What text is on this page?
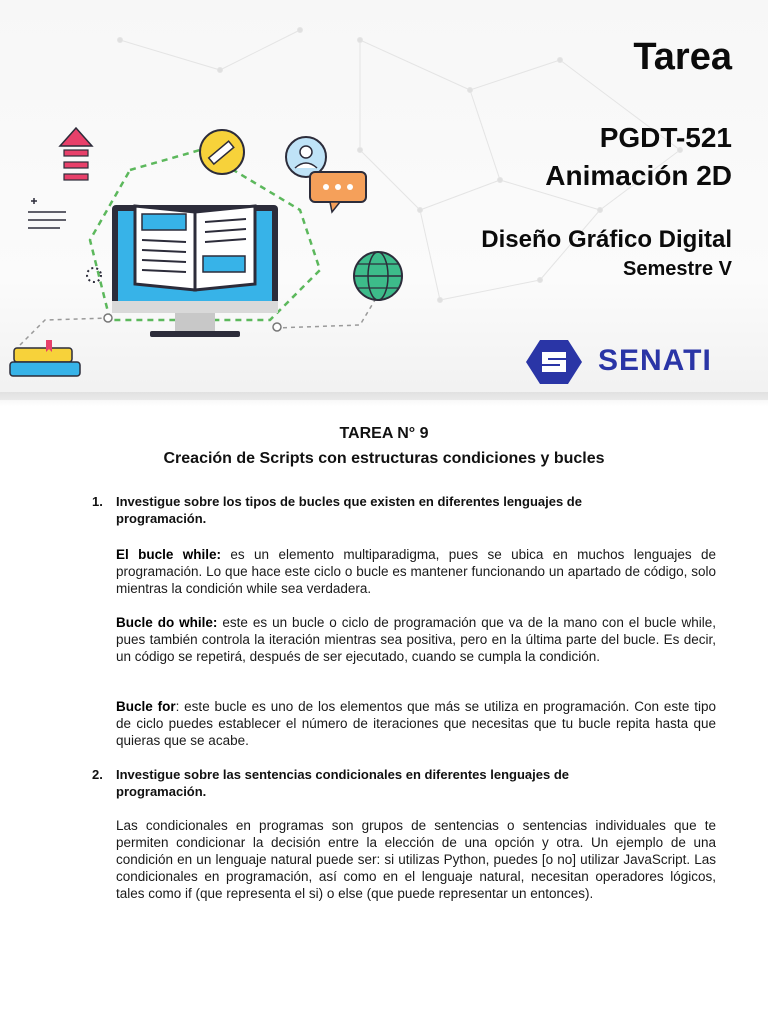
Tarea
PGDT-521
Animación 2D
Diseño Gráfico Digital
Semestre V
SENATI
TAREA N° 9
Creación de Scripts con estructuras condiciones y bucles
1.	Investigue sobre los tipos de bucles que existen en diferentes lenguajes de programación.
El bucle while: es un elemento multiparadigma, pues se ubica en muchos lenguajes de programación. Lo que hace este ciclo o bucle es mantener funcionando un apartado de código, solo mientras la condición while sea verdadera.
Bucle do while: este es un bucle o ciclo de programación que va de la mano con el bucle while, pues también controla la iteración mientras sea positiva, pero en la última parte del bucle. Es decir, un código se repetirá, después de ser ejecutado, cuando se cumpla la condición.
Bucle for: este bucle es uno de los elementos que más se utiliza en programación. Con este tipo de ciclo puedes establecer el número de iteraciones que necesitas que tu bucle repita hasta que quieras que se acabe.
2.	Investigue sobre las sentencias condicionales en diferentes lenguajes de programación.
Las condicionales en programas son grupos de sentencias o sentencias individuales que te permiten condicionar la decisión entre la elección de una opción y otra. Un ejemplo de una condición en un lenguaje natural puede ser: si utilizas Python, puedes [o no] utilizar JavaScript. Las condicionales en programación, así como en el lenguaje natural, necesitan operadores lógicos, tales como if (que representa el si) o else (que puede representar un entonces).
